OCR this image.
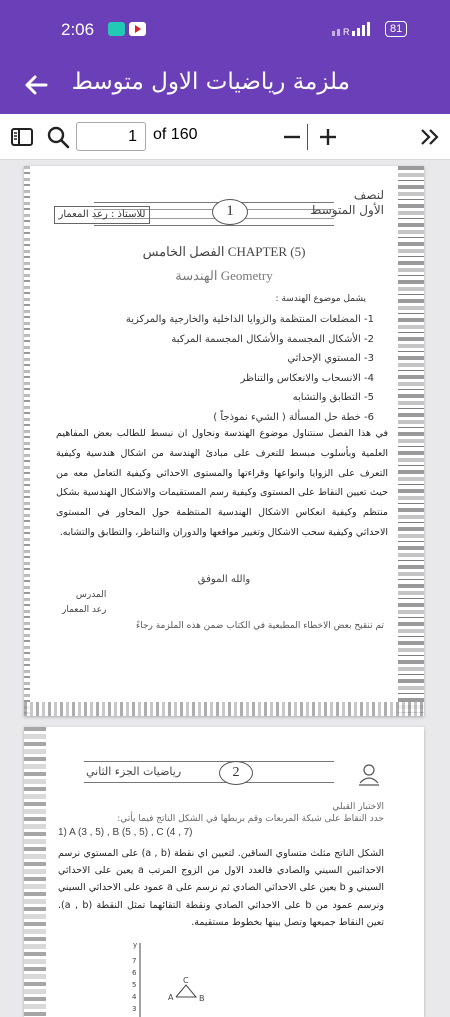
2:06	R	81
ملزمة رياضيات الاول متوسط
1	of 160
1
للاستاذ : رعد المعمار
لنصف
الأول المتوسط
CHAPTER (5) الفصل الخامس
Geometry الهندسة
يشمل موضوع الهندسة :
1- المضلعات المنتظمة والزوايا الداخلية والخارجية والمركزية
2- الأشكال المجسمة والأشكال المجسمة المركبة
3- المستوي الإحداثي
4- الانسحاب والانعكاس والتناظر
5- التطابق والتشابه
6- خطة حل المسألة ( الشيء نموذجاً )

في هذا الفصل سنتناول موضوع الهندسة ونحاول ان نبسط للطالب بعض المفاهيم العلمية وبأسلوب مبسط للتعرف على مبادئ الهندسة من اشكال هندسية وكيفية التعرف على الزوايا وانواعها وقراءتها والمستوى الاحداثي وكيفية التعامل معه من حيث تعيين النقاط على المستوى وكيفية رسم المستقيمات والاشكال الهندسية بشكل منتظم وكيفية انعكاس الاشكال الهندسية المنتظمة حول المحاور في المستوى الاحداثي وكيفية سحب الاشكال وتغيير مواقعها والدوران والتناظر، والتطابق والتشابه.

والله الموفق
المدرس
رعد المعمار
تم تنقيح بعض الاخطاء المطبعية في الكتاب ضمن هذه الملزمة رجاءً
رياضيات الجزء الثاني	2
الاختبار القبلي
حدد النقاط على شبكة المربعات وقم بربطها في الشكل الناتج فيما يأتي:
1) A (3 , 5) , B (5 , 5) , C (4 , 7)

الشكل الناتج مثلث متساوي الساقين. لتعيين اي نقطة (a , b) على المستوي نرسم الاحداثيين السيني والصادي فالعدد الاول من الزوج المرتب a يعين على الاحداثي السيني و b يعين على الاحداثي الصادي ثم نرسم على a عمود على الاحداثي السيني ونرسم عمود من b على الاحداثي الصادي ونقطة التقائهما تمثل النقطة (a , b). تعين النقاط جميعها وتصل بينها بخطوط مستقيمة.

y
7
6
5
4
3
A	B
C
